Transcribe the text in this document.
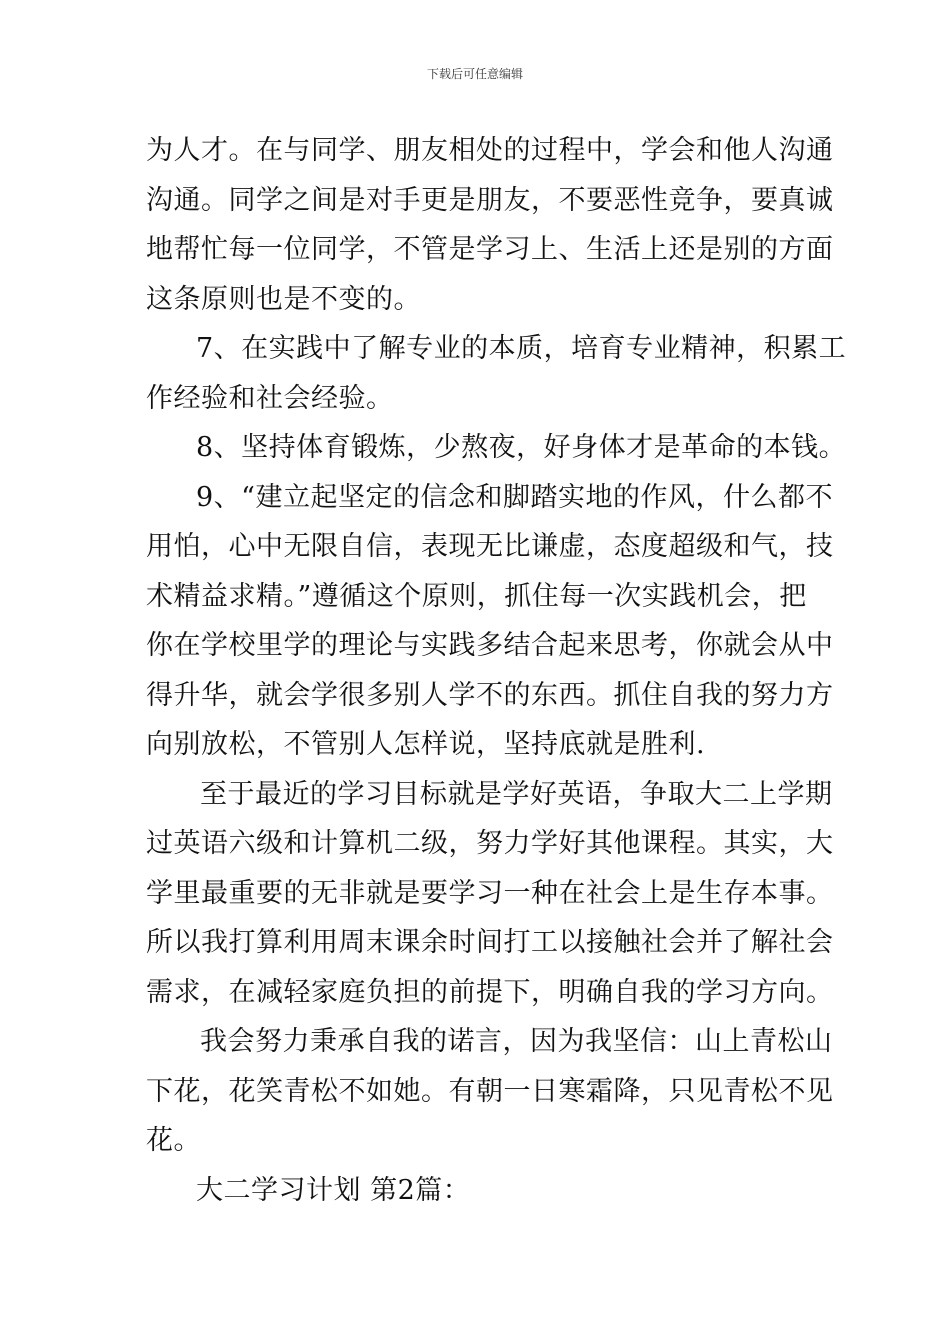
下载后可任意编辑
为人才。在与同学、朋友相处的过程中，学会和他人沟通
沟通。同学之间是对手更是朋友，不要恶性竞争，要真诚
地帮忙每一位同学，不管是学习上、生活上还是别的方面
这条原则也是不变的。
7、在实践中了解专业的本质，培育专业精神，积累工
作经验和社会经验。
8、坚持体育锻炼，少熬夜，好身体才是革命的本钱。
9、“建立起坚定的信念和脚踏实地的作风，什么都不
用怕，心中无限自信，表现无比谦虚，态度超级和气，技
术精益求精。”遵循这个原则，抓住每一次实践机会，把
你在学校里学的理论与实践多结合起来思考，你就会从中
得升华，就会学很多别人学不的东西。抓住自我的努力方
向别放松，不管别人怎样说，坚持底就是胜利.
至于最近的学习目标就是学好英语，争取大二上学期
过英语六级和计算机二级，努力学好其他课程。其实，大
学里最重要的无非就是要学习一种在社会上是生存本事。
所以我打算利用周末课余时间打工以接触社会并了解社会
需求，在减轻家庭负担的前提下，明确自我的学习方向。
我会努力秉承自我的诺言，因为我坚信：山上青松山
下花，花笑青松不如她。有朝一日寒霜降，只见青松不见
花。
大二学习计划 第2篇：
